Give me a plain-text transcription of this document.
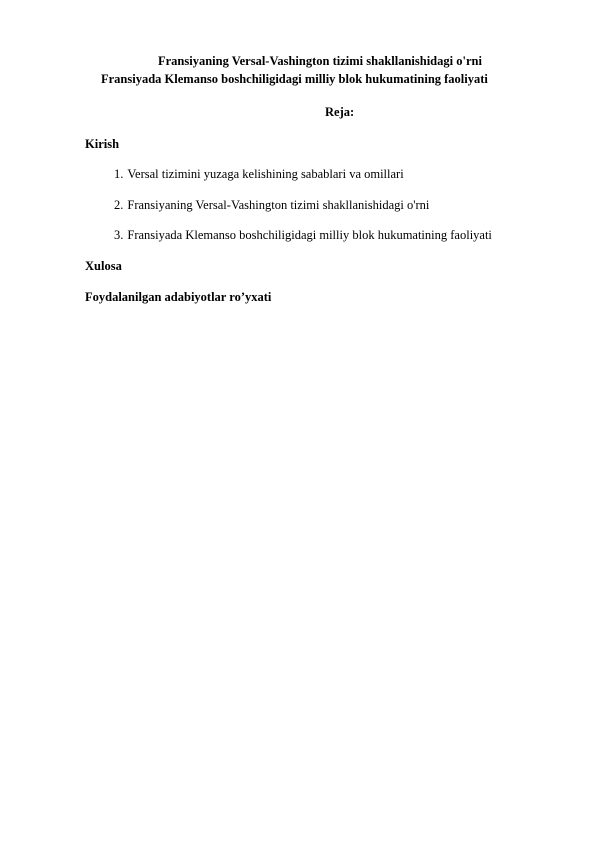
Fransiyaning Versal-Vashington tizimi shakllanishidagi o'rni
Fransiyada Klemanso boshchiligidagi milliy blok hukumatining faoliyati
Reja:
Kirish
1. Versal tizimini yuzaga kelishining sabablari va omillari
2. Fransiyaning Versal-Vashington tizimi shakllanishidagi o'rni
3. Fransiyada Klemanso boshchiligidagi milliy blok hukumatining faoliyati
Xulosa
Foydalanilgan adabiyotlar ro’yxati
